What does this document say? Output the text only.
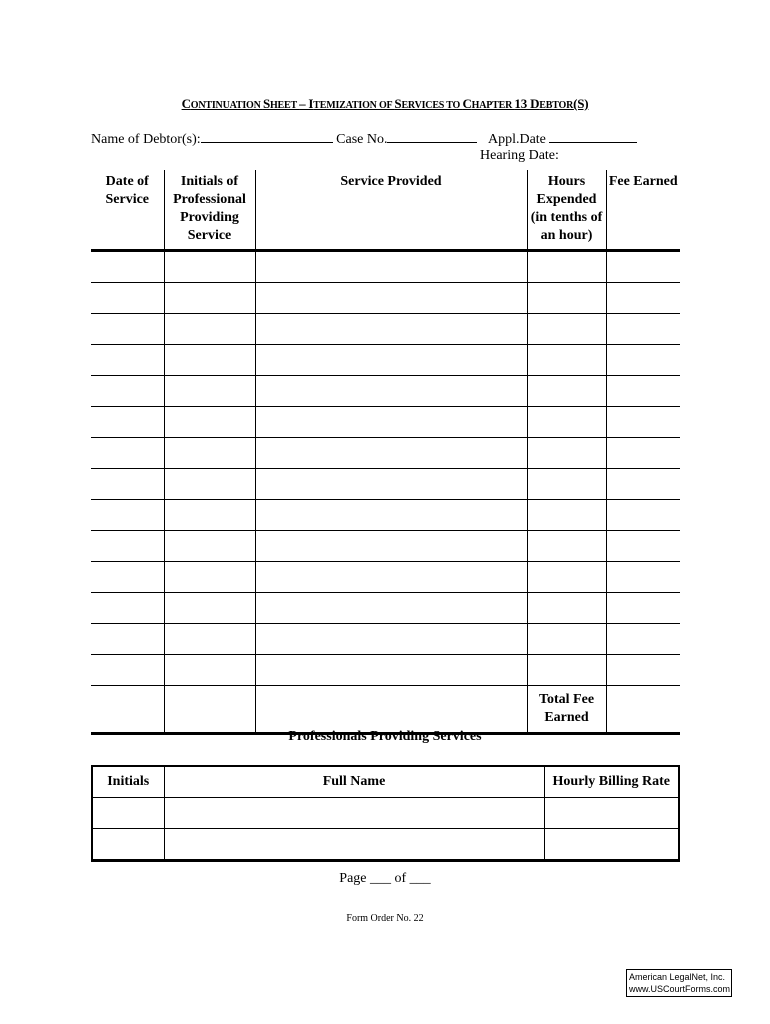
CONTINUATION SHEET – ITEMIZATION OF SERVICES TO CHAPTER 13 DEBTOR(S)
Name of Debtor(s):	Case No.	Appl.Date
Hearing Date:
Date of Service	Initials of Professional Providing Service	Service Provided	Hours Expended (in tenths of an hour)	Fee Earned

			Total Fee Earned	
Professionals Providing Services
Initials	Full Name	Hourly Billing Rate

Page ___ of ___
Form Order No. 22
American LegalNet, Inc.
www.USCourtForms.com
